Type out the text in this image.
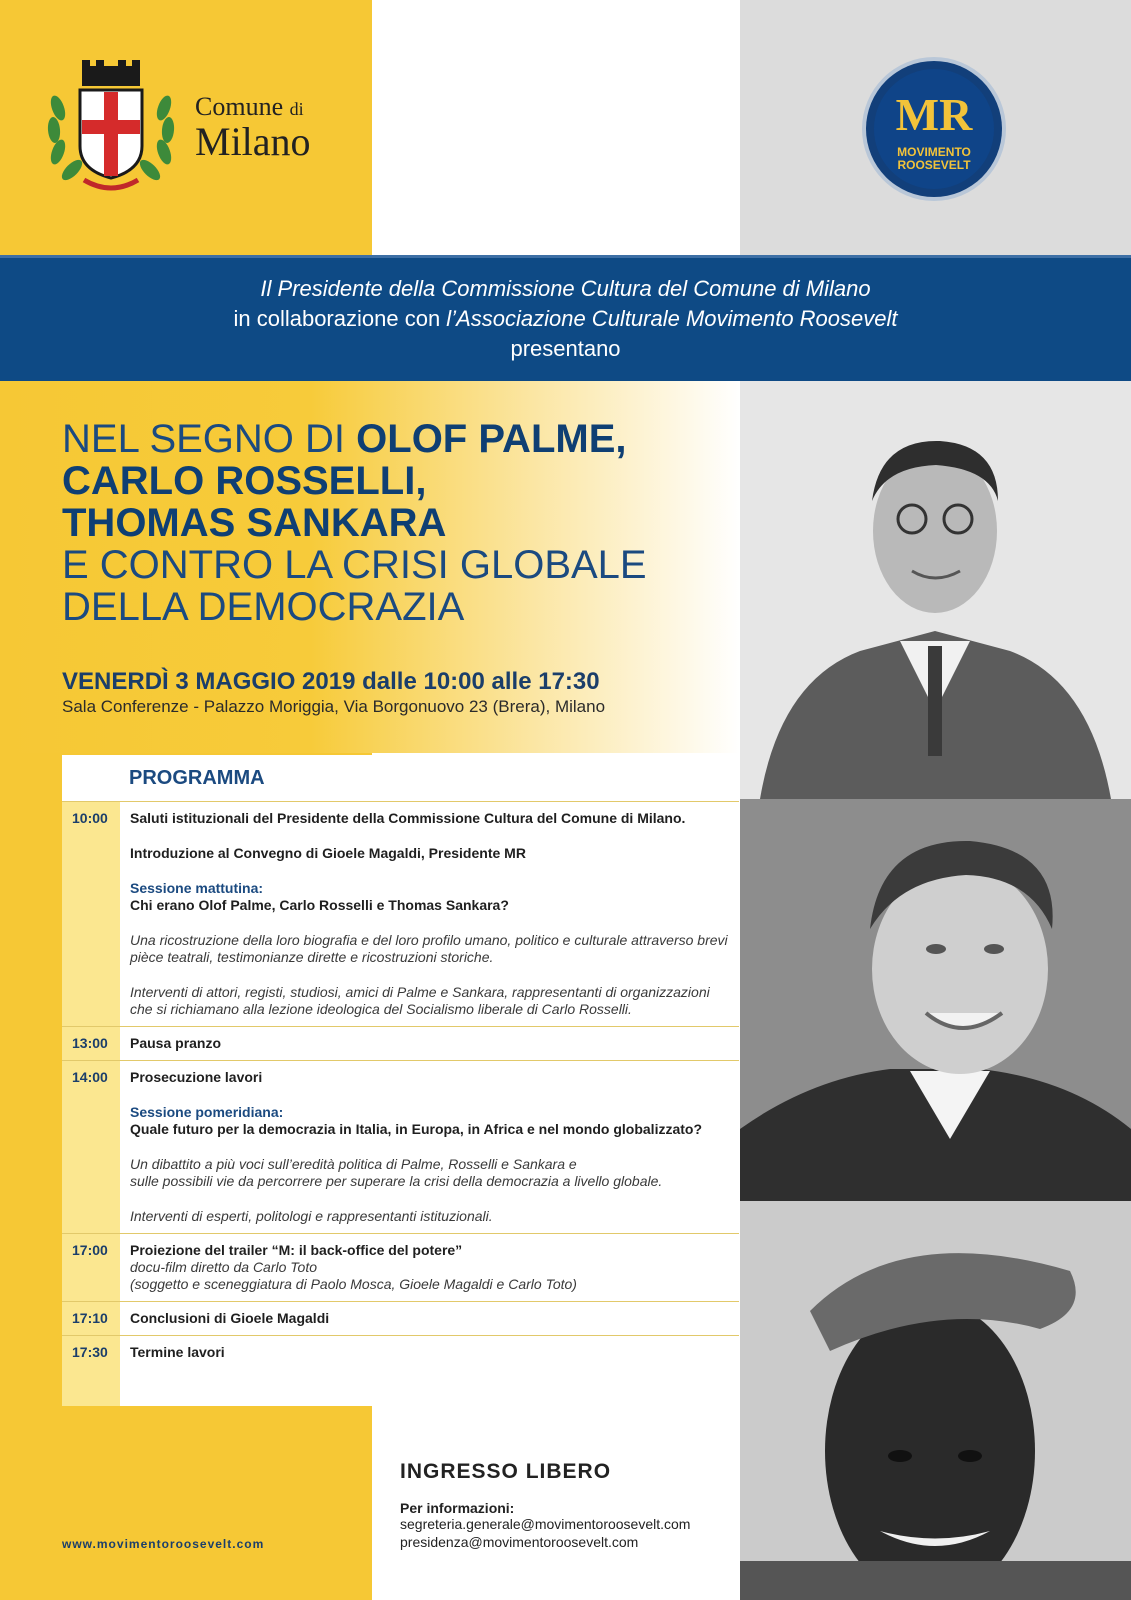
Comune di
Milano
MR
MOVIMENTO
ROOSEVELT

Il Presidente della Commissione Cultura del Comune di Milano

in collaborazione con l’Associazione Culturale Movimento Roosevelt

presentano

NEL SEGNO DI OLOF PALME,
CARLO ROSSELLI,
THOMAS SANKARA
E CONTRO LA CRISI GLOBALE
DELLA DEMOCRAZIA
VENERDÌ 3 MAGGIO 2019 dalle 10:00 alle 17:30
Sala Conferenze - Palazzo Moriggia, Via Borgonuovo 23 (Brera), Milano
PROGRAMMA
10:00	Saluti istituzionali del Presidente della Commissione Cultura del Comune di Milano.

Introduzione al Convegno di Gioele Magaldi, Presidente MR

Sessione mattutina:

Chi erano Olof Palme, Carlo Rosselli e Thomas Sankara?

Una ricostruzione della loro biografia e del loro profilo umano, politico e culturale attraverso brevi pièce teatrali, testimonianze dirette e ricostruzioni storiche.

Interventi di attori, registi, studiosi, amici di Palme e Sankara, rappresentanti di organizzazioni che si richiamano alla lezione ideologica del Socialismo liberale di Carlo Rosselli.

13:00	Pausa pranzo

14:00	Prosecuzione lavori

Sessione pomeridiana:

Quale futuro per la democrazia in Italia, in Europa, in Africa e nel mondo globalizzato?

Un dibattito a più voci sull’eredità politica di Palme, Rosselli e Sankara e

sulle possibili vie da percorrere per superare la crisi della democrazia a livello globale.

Interventi di esperti, politologi e rappresentanti istituzionali.

17:00	Proiezione del trailer “M: il back-office del potere”

docu-film diretto da Carlo Toto

(soggetto e sceneggiatura di Paolo Mosca, Gioele Magaldi e Carlo Toto)

17:10	Conclusioni di Gioele Magaldi

17:30	Termine lavori

INGRESSO LIBERO
Per informazioni:
segreteria.generale@movimentoroosevelt.com
presidenza@movimentoroosevelt.com
www.movimentoroosevelt.com
